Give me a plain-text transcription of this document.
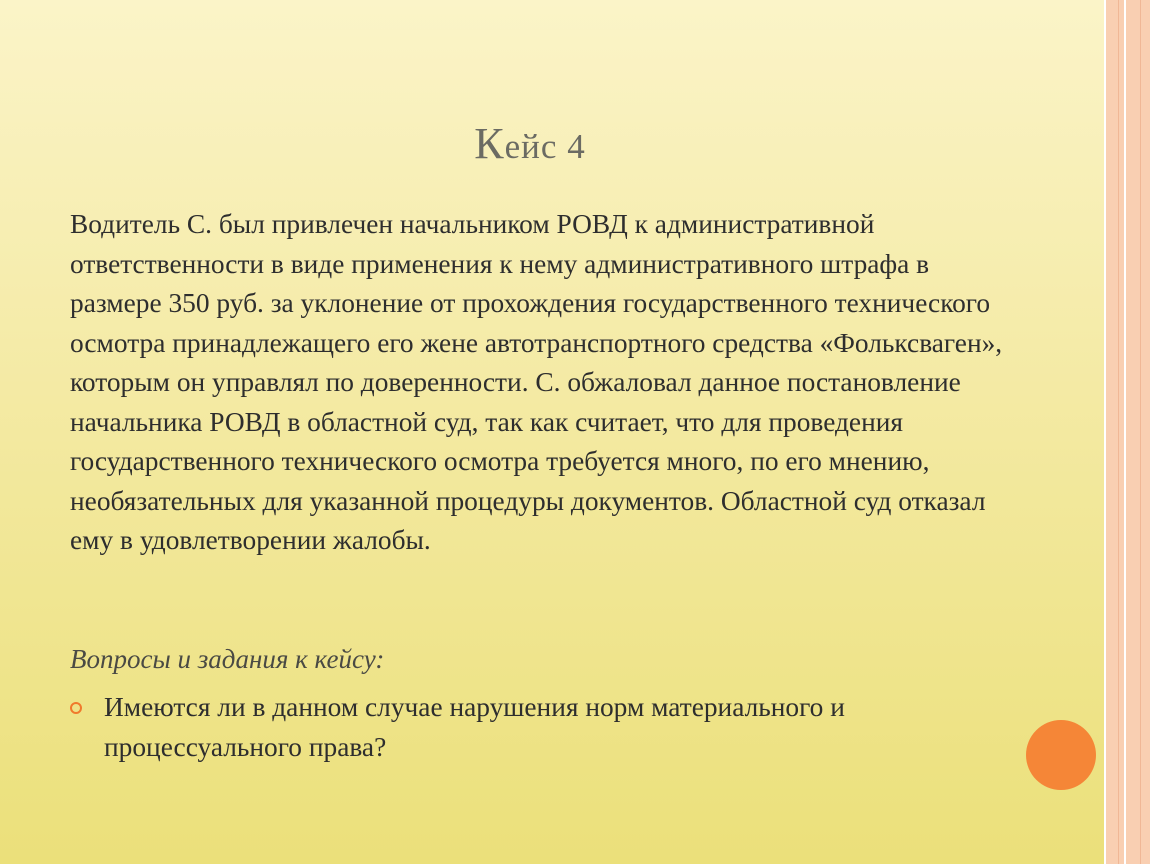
Кейс 4
Водитель С. был привлечен начальником РОВД к административной ответственности в виде применения к нему административного штрафа в размере 350 руб. за уклонение от прохождения государственного технического осмотра принадлежащего его жене автотранспортного средства «Фольксваген», которым он управлял по доверенности. С. обжаловал данное постановление начальника РОВД в областной суд, так как считает, что для проведения государственного технического осмотра требуется много, по его мнению, необязательных для указанной процедуры документов. Областной суд отказал ему в удовлетворении жалобы.
Вопросы и задания к кейсу:
Имеются ли в данном случае нарушения норм материального и процессуального права?
